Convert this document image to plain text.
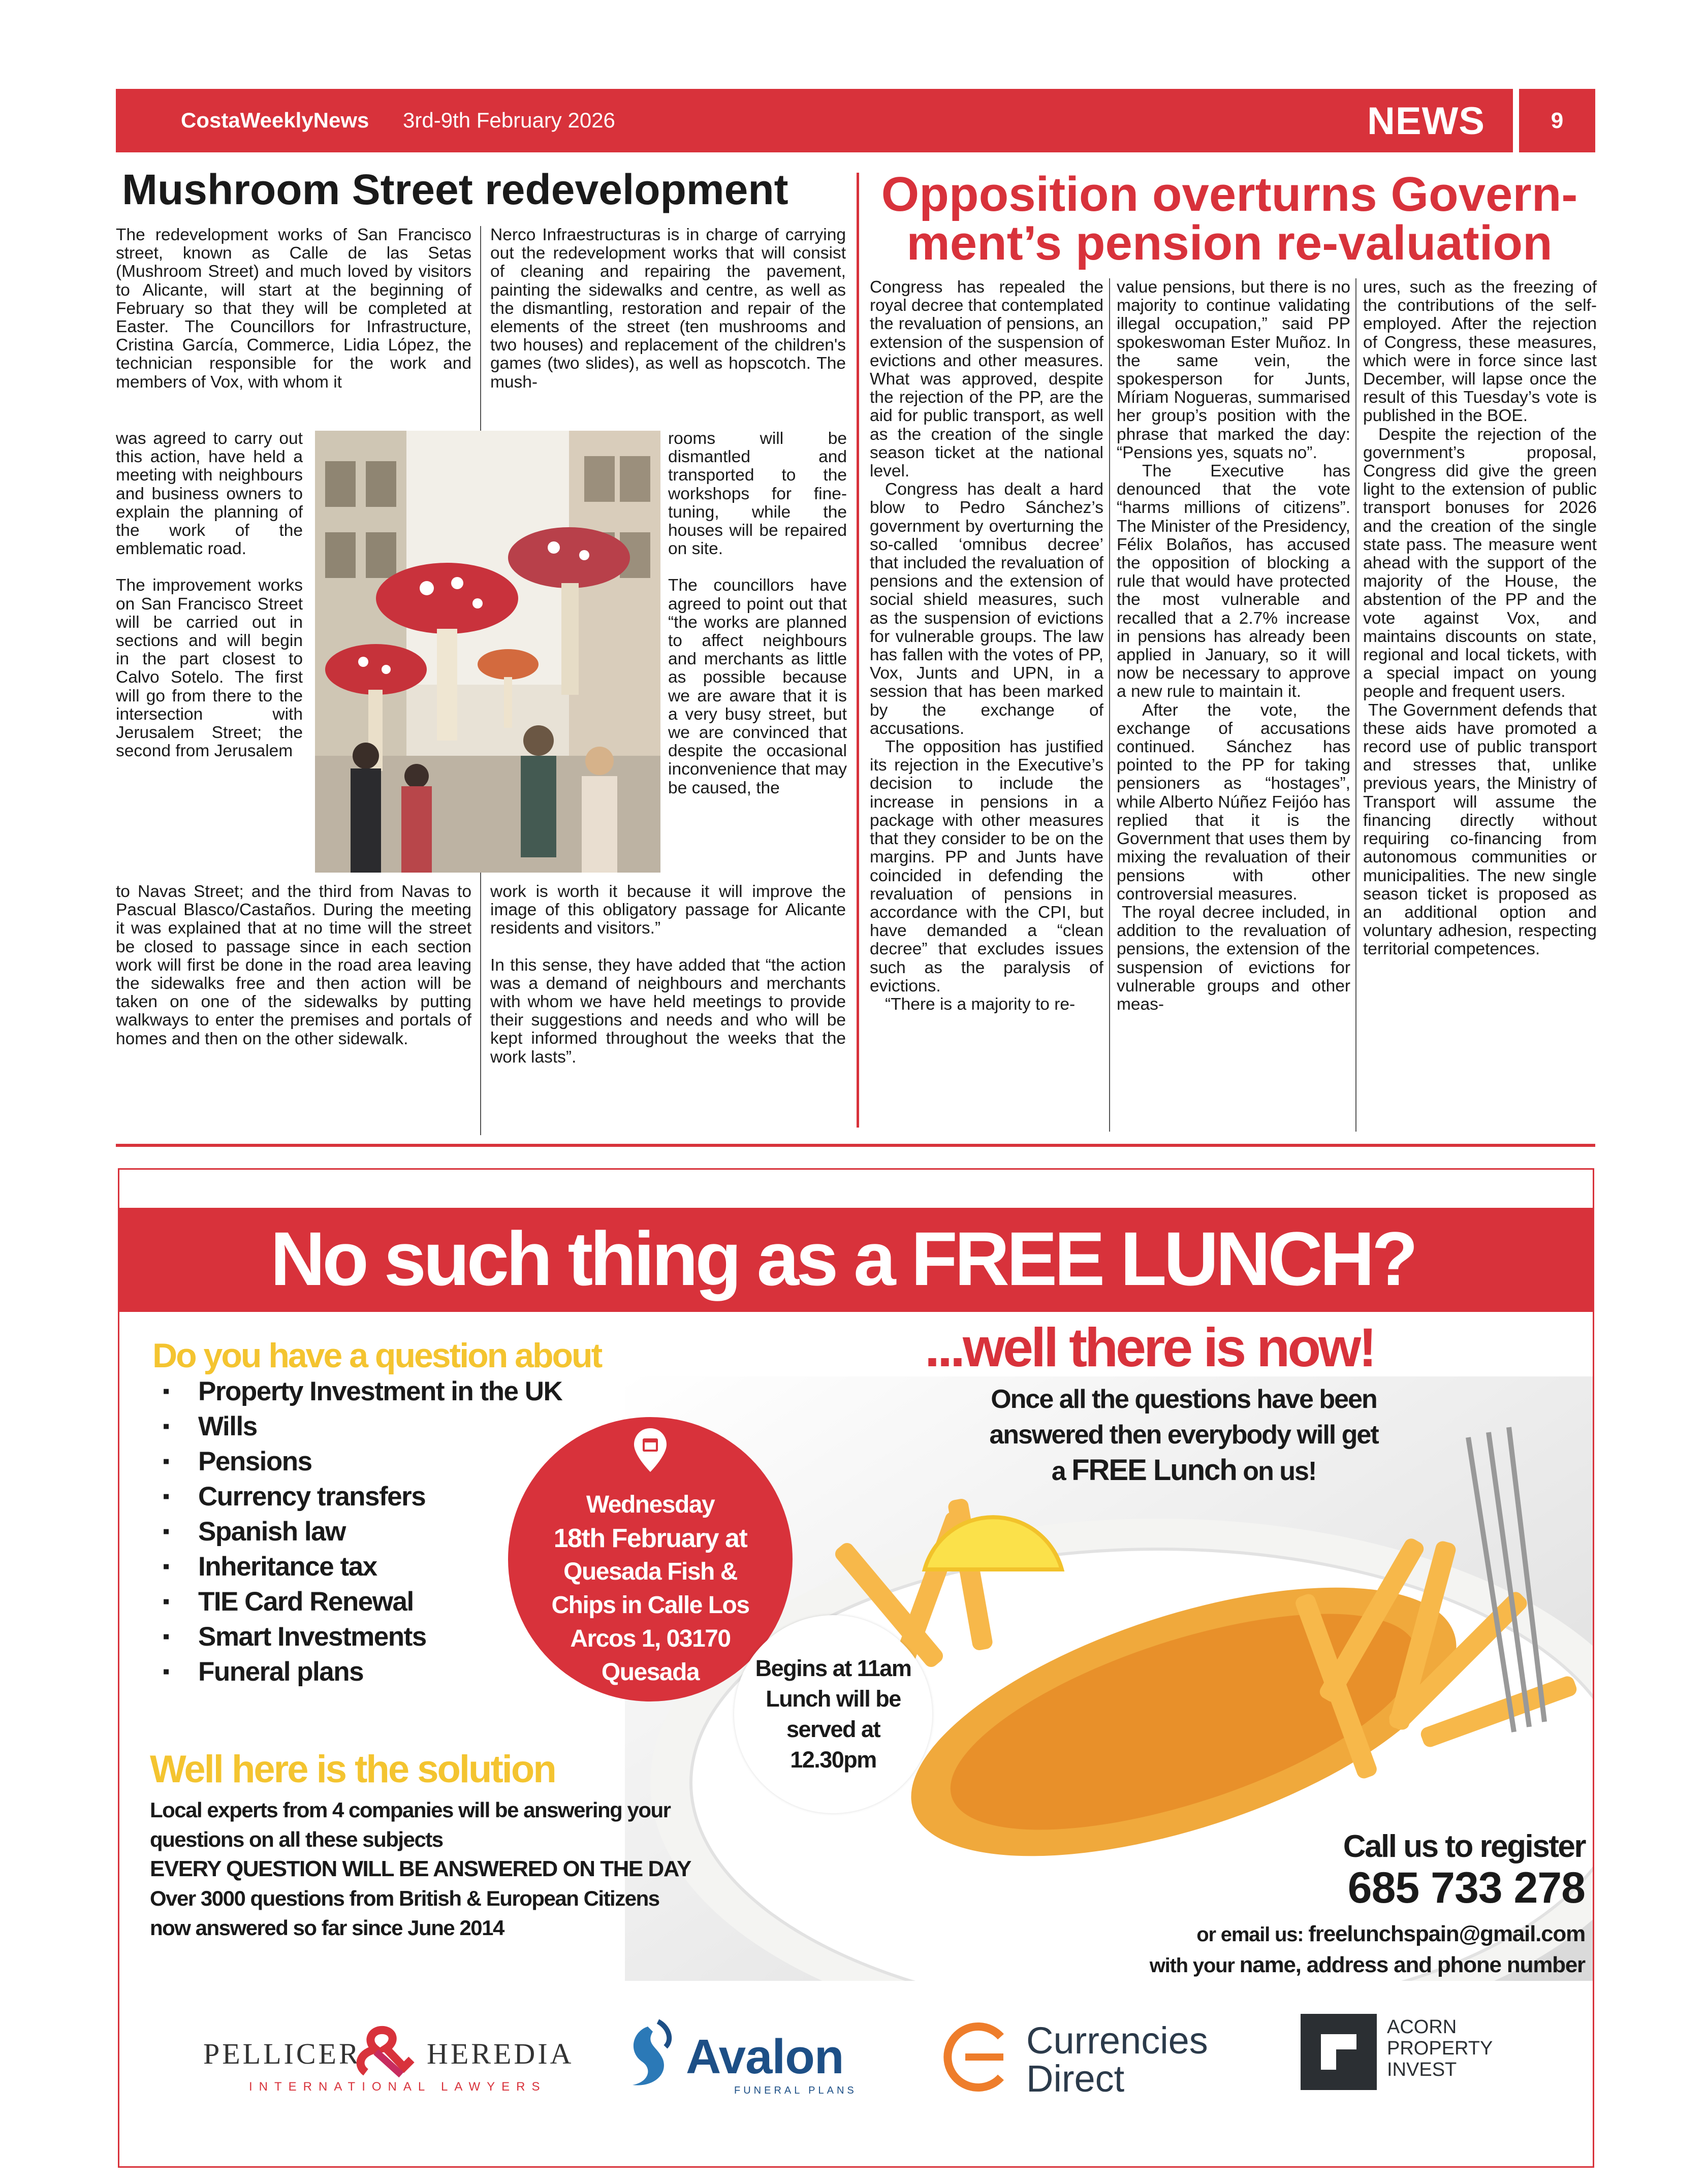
CostaWeeklyNews 3rd-9th February 2026	NEWS	9
Mushroom Street redevelopment

The redevelopment works of San Francisco street, known as Calle de las Setas (Mushroom Street) and much loved by visitors to Alicante, will start at the beginning of February so that they will be completed at Easter. The Councillors for Infrastructure, Cristina García, Commerce, Lidia López, the technician responsible for the work and members of Vox, with whom it

was agreed to carry out this action, have held a meeting with neighbours and business owners to explain the planning of the work of the emblematic road.

The improvement works on San Francisco Street will be carried out in sections and will begin in the part closest to Calvo Sotelo. The first will go from there to the intersection with Jerusalem Street; the second from Jerusalem

to Navas Street; and the third from Navas to Pascual Blasco/Castaños. During the meeting it was explained that at no time will the street be closed to passage since in each section work will first be done in the road area leaving the sidewalks free and then action will be taken on one of the sidewalks by putting walkways to enter the premises and portals of homes and then on the other sidewalk.

Nerco Infraestructuras is in charge of carrying out the redevelopment works that will consist of cleaning and repairing the pavement, painting the sidewalks and centre, as well as the dismantling, restoration and repair of the elements of the street (ten mushrooms and two houses) and replacement of the children's games (two slides), as well as hopscotch. The mush-

rooms will be dismantled and transported to the workshops for fine-tuning, while the houses will be repaired on site.

The councillors have agreed to point out that “the works are planned to affect neighbours and merchants as little as possible because we are aware that it is a very busy street, but we are convinced that despite the occasional inconvenience that may be caused, the

work is worth it because it will improve the image of this obligatory passage for Alicante residents and visitors.”

In this sense, they have added that “the action was a demand of neighbours and merchants with whom we have held meetings to provide their suggestions and needs and who will be kept informed throughout the weeks that the work lasts”.

Opposition overturns Govern-
ment’s pension re-valuation

Congress has repealed the royal decree that contemplated the revaluation of pensions, an extension of the suspension of evictions and other measures. What was approved, despite the rejection of the PP, are the aid for public transport, as well as the creation of the single season ticket at the national level.

Congress has dealt a hard blow to Pedro Sánchez’s government by overturning the so-called ‘omnibus decree’ that included the revaluation of pensions and the extension of social shield measures, such as the suspension of evictions for vulnerable groups. The law has fallen with the votes of PP, Vox, Junts and UPN, in a session that has been marked by the exchange of accusations.

The opposition has justified its rejection in the Executive’s decision to include the increase in pensions in a package with other measures that they consider to be on the margins. PP and Junts have coincided in defending the revaluation of pensions in accordance with the CPI, but have demanded a “clean decree” that excludes issues such as the paralysis of evictions.

“There is a majority to re-

value pensions, but there is no majority to continue validating illegal occupation,” said PP spokeswoman Ester Muñoz. In the same vein, the spokesperson for Junts, Míriam Nogueras, summarised her group’s position with the phrase that marked the day: “Pensions yes, squats no”.

The Executive has denounced that the vote “harms millions of citizens”. The Minister of the Presidency, Félix Bolaños, has accused the opposition of blocking a rule that would have protected the most vulnerable and recalled that a 2.7% increase in pensions has already been applied in January, so it will now be necessary to approve a new rule to maintain it.

After the vote, the exchange of accusations continued. Sánchez has pointed to the PP for taking pensioners as “hostages”, while Alberto Núñez Feijóo has replied that it is the Government that uses them by mixing the revaluation of their pensions with other controversial measures.

The royal decree included, in addition to the revaluation of pensions, the extension of the suspension of evictions for vulnerable groups and other meas-

ures, such as the freezing of the contributions of the self-employed. After the rejection of Congress, these measures, which were in force since last December, will lapse once the result of this Tuesday’s vote is published in the BOE.

Despite the rejection of the government’s proposal, Congress did give the green light to the extension of public transport bonuses for 2026 and the creation of the single state pass. The measure went ahead with the support of the majority of the House, the abstention of the PP and the vote against Vox, and maintains discounts on state, regional and local tickets, with a special impact on young people and frequent users.

The Government defends that these aids have promoted a record use of public transport and stresses that, unlike previous years, the Ministry of Transport will assume the financing directly without requiring co-financing from autonomous communities or municipalities. The new single season ticket is proposed as an additional option and voluntary adhesion, respecting territorial competences.

No such thing as a FREE LUNCH?
Do you have a question about
▪ Property Investment in the UK
▪ Wills
▪ Pensions
▪ Currency transfers
▪ Spanish law
▪ Inheritance tax
▪ TIE Card Renewal
▪ Smart Investments
▪ Funeral plans
...well there is now!
Once all the questions have been
answered then everybody will get
a FREE Lunch on us!
Wednesday
18th February at
Quesada Fish &
Chips in Calle Los
Arcos 1, 03170
Quesada	Begins at 11am
Lunch will be
served at
12.30pm
Well here is the solution
Local experts from 4 companies will be answering your
questions on all these subjects
EVERY QUESTION WILL BE ANSWERED ON THE DAY
Over 3000 questions from British & European Citizens
now answered so far since June 2014
Call us to register
685 733 278
or email us: freelunchspain@gmail.com
with your name, address and phone number
PELLICER HEREDIA
INTERNATIONAL LAWYERS
Avalon
FUNERAL PLANS
Currencies
Direct
ACORN
PROPERTY
INVEST
